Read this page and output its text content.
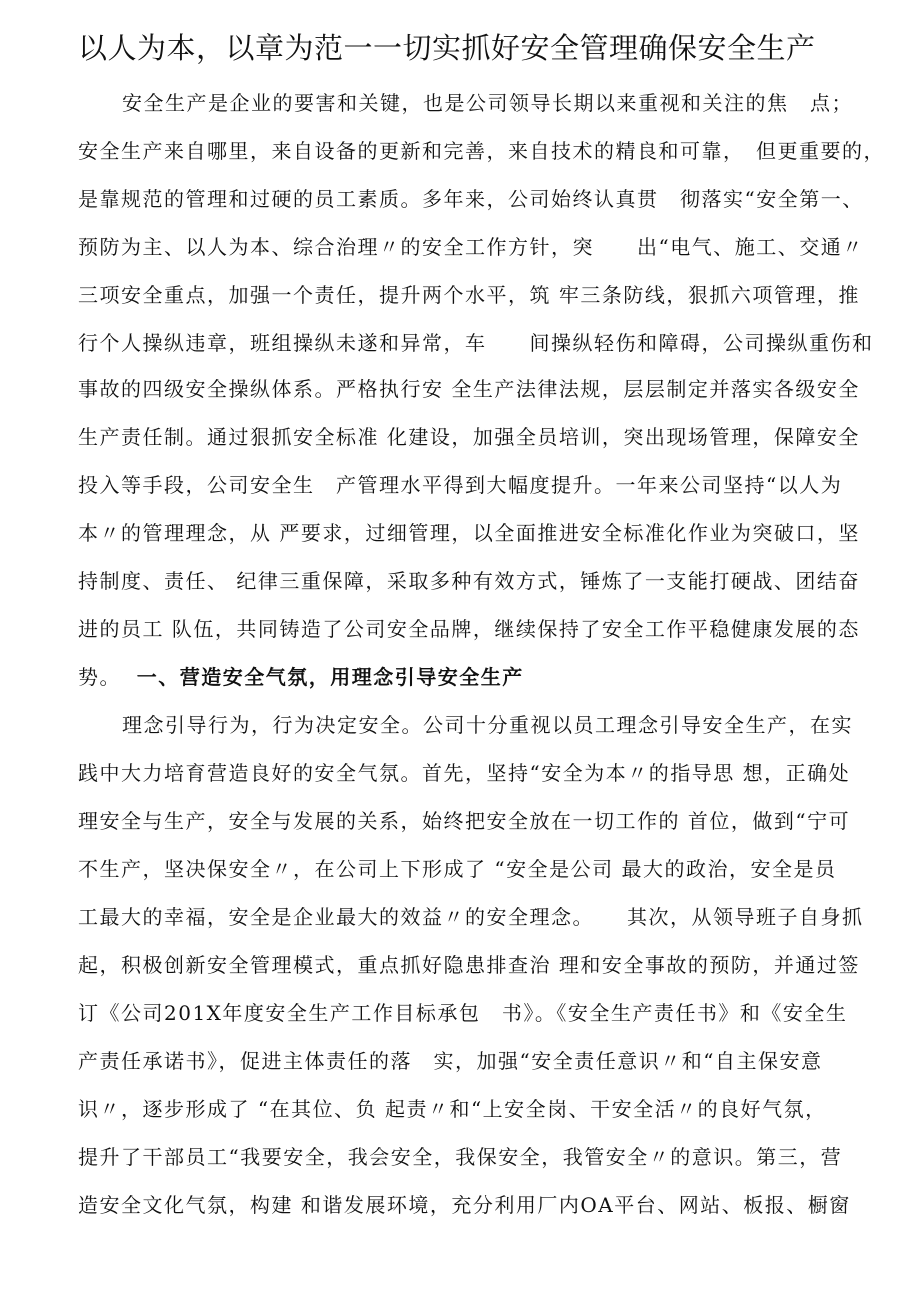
以人为本，以章为范一一切实抓好安全管理确保安全生产

安全生产是企业的要害和关键，也是公司领导长期以来重视和关注的焦　点；

安全生产来自哪里，来自设备的更新和完善，来自技术的精良和可靠，　但更重要的，

是靠规范的管理和过硬的员工素质。多年来，公司始终认真贯　彻落实“安全第一、

预防为主、以人为本、综合治理〃的安全工作方针，突　　出“电气、施工、交通〃

三项安全重点，加强一个责任，提升两个水平，筑 牢三条防线，狠抓六项管理，推

行个人操纵违章，班组操纵未遂和异常，车　　间操纵轻伤和障碍，公司操纵重伤和

事故的四级安全操纵体系。严格执行安 全生产法律法规，层层制定并落实各级安全

生产责任制。通过狠抓安全标准 化建设，加强全员培训，突出现场管理，保障安全

投入等手段，公司安全生　产管理水平得到大幅度提升。一年来公司坚持“以人为

本〃的管理理念，从 严要求，过细管理，以全面推进安全标准化作业为突破口，坚

持制度、责任、 纪律三重保障，采取多种有效方式，锤炼了一支能打硬战、团结奋

进的员工 队伍，共同铸造了公司安全品牌，继续保持了安全工作平稳健康发展的态

势。 一、营造安全气氛，用理念引导安全生产

理念引导行为，行为决定安全。公司十分重视以员工理念引导安全生产，在实

践中大力培育营造良好的安全气氛。首先，坚持“安全为本〃的指导思 想，正确处

理安全与生产，安全与发展的关系，始终把安全放在一切工作的 首位，做到“宁可

不生产，坚决保安全〃，在公司上下形成了 “安全是公司 最大的政治，安全是员

工最大的幸福，安全是企业最大的效益〃的安全理念。　　其次，从领导班子自身抓

起，积极创新安全管理模式，重点抓好隐患排查治 理和安全事故的预防，并通过签

订《公司201X年度安全生产工作目标承包　书》。《安全生产责任书》和《安全生

产责任承诺书》，促进主体责任的落　实，加强“安全责任意识〃和“自主保安意

识〃，逐步形成了 “在其位、负 起责〃和“上安全岗、干安全活〃的良好气氛，

提升了干部员工“我要安全，我会安全，我保安全，我管安全〃的意识。第三，营

造安全文化气氛，构建 和谐发展环境，充分利用厂内OA平台、网站、板报、橱窗
